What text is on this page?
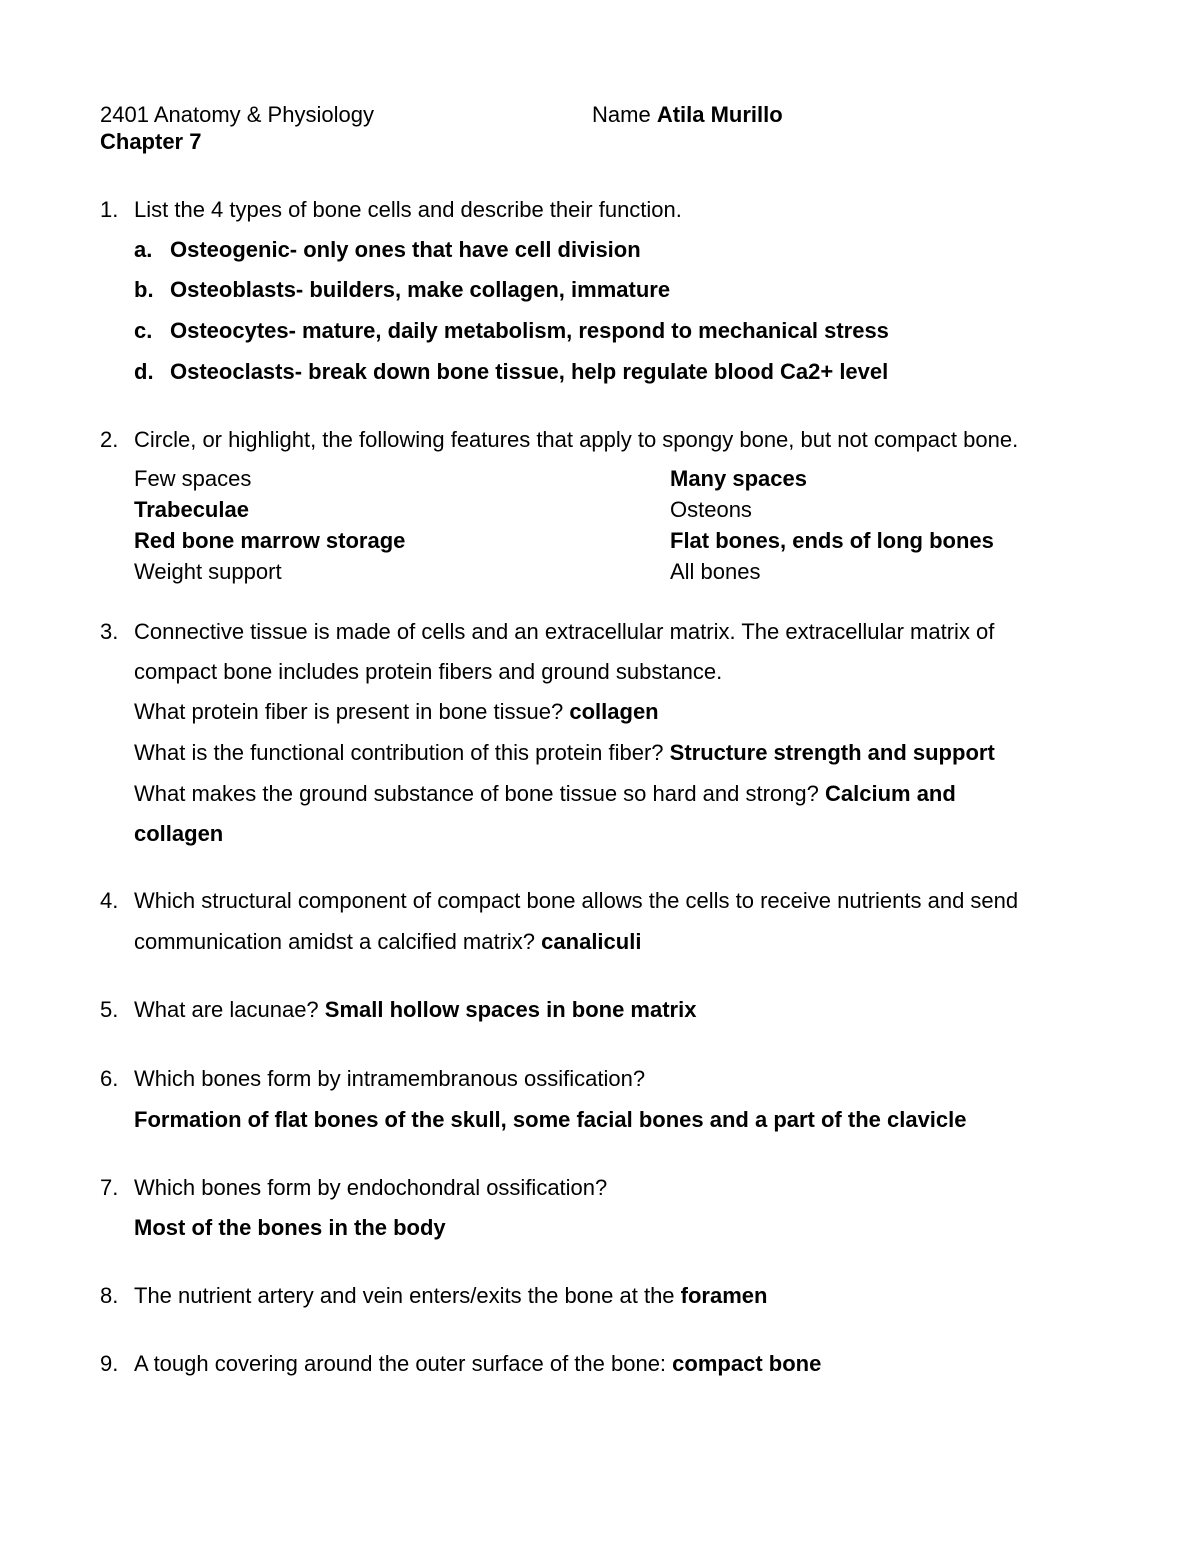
2401 Anatomy & Physiology	Name Atila Murillo
Chapter 7
1. List the 4 types of bone cells and describe their function.
a. Osteogenic- only ones that have cell division
b. Osteoblasts- builders, make collagen, immature
c. Osteocytes- mature, daily metabolism, respond to mechanical stress
d. Osteoclasts- break down bone tissue, help regulate blood Ca2+ level
2. Circle, or highlight, the following features that apply to spongy bone, but not compact bone.
Few spaces	Many spaces
Trabeculae	Osteons
Red bone marrow storage	Flat bones, ends of long bones
Weight support	All bones
3. Connective tissue is made of cells and an extracellular matrix. The extracellular matrix of
compact bone includes protein fibers and ground substance.
What protein fiber is present in bone tissue? collagen
What is the functional contribution of this protein fiber? Structure strength and support
What makes the ground substance of bone tissue so hard and strong? Calcium and
collagen
4. Which structural component of compact bone allows the cells to receive nutrients and send
communication amidst a calcified matrix? canaliculi
5. What are lacunae? Small hollow spaces in bone matrix
6. Which bones form by intramembranous ossification?
Formation of flat bones of the skull, some facial bones and a part of the clavicle
7. Which bones form by endochondral ossification?
Most of the bones in the body
8. The nutrient artery and vein enters/exits the bone at the foramen
9. A tough covering around the outer surface of the bone: compact bone
